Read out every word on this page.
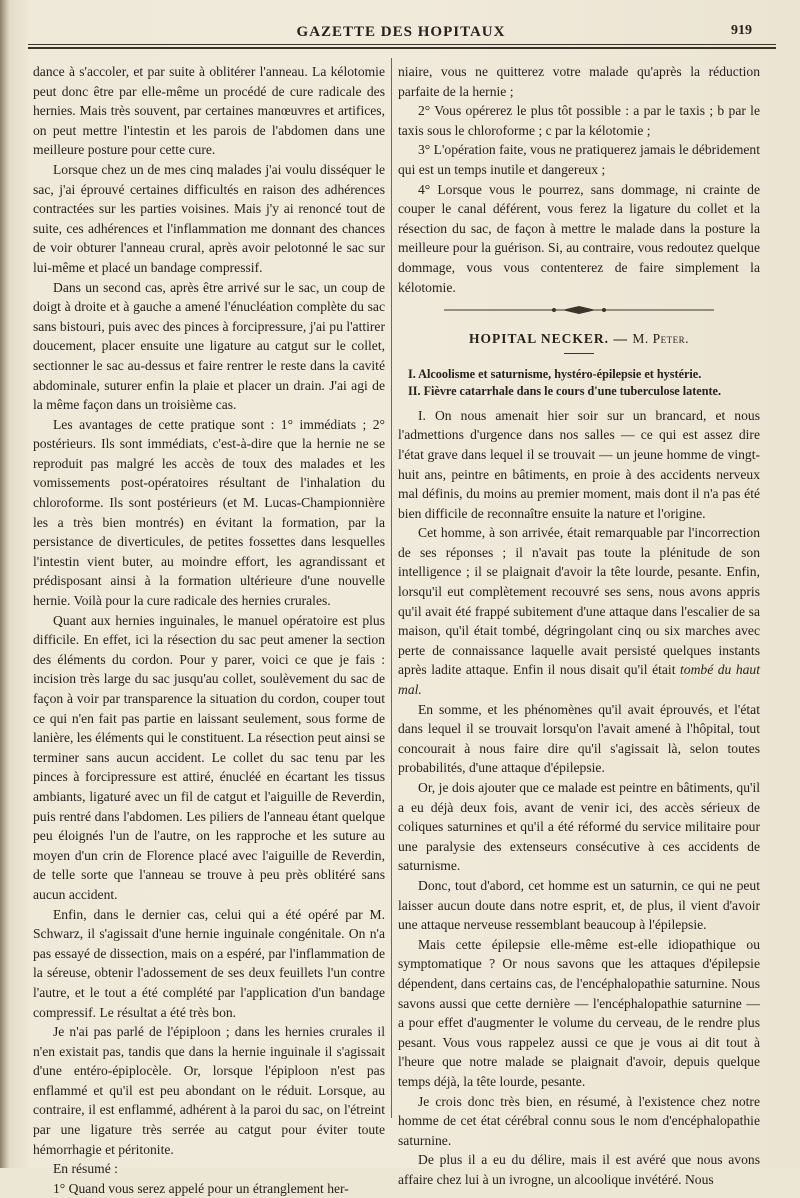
GAZETTE DES HOPITAUX	919

dance à s'accoler, et par suite à oblitérer l'anneau. La kélotomie peut donc être par elle-même un procédé de cure radicale des hernies. Mais très souvent, par certaines manœuvres et artifices, on peut mettre l'intestin et les parois de l'abdomen dans une meilleure posture pour cette cure.

Lorsque chez un de mes cinq malades j'ai voulu disséquer le sac, j'ai éprouvé certaines difficultés en raison des adhérences contractées sur les parties voisines. Mais j'y ai renoncé tout de suite, ces adhérences et l'inflammation me donnant des chances de voir obturer l'anneau crural, après avoir pelotonné le sac sur lui-même et placé un bandage compressif.

Dans un second cas, après être arrivé sur le sac, un coup de doigt à droite et à gauche a amené l'énucléation complète du sac sans bistouri, puis avec des pinces à forcipressure, j'ai pu l'attirer doucement, placer ensuite une ligature au catgut sur le collet, sectionner le sac au-dessus et faire rentrer le reste dans la cavité abdominale, suturer enfin la plaie et placer un drain. J'ai agi de la même façon dans un troisième cas.

Les avantages de cette pratique sont : 1° immédiats ; 2° postérieurs. Ils sont immédiats, c'est-à-dire que la hernie ne se reproduit pas malgré les accès de toux des malades et les vomissements post-opératoires résultant de l'inhalation du chloroforme. Ils sont postérieurs (et M. Lucas-Championnière les a très bien montrés) en évitant la formation, par la persistance de diverticules, de petites fossettes dans lesquelles l'intestin vient buter, au moindre effort, les agrandissant et prédisposant ainsi à la formation ultérieure d'une nouvelle hernie. Voilà pour la cure radicale des hernies crurales.

Quant aux hernies inguinales, le manuel opératoire est plus difficile. En effet, ici la résection du sac peut amener la section des éléments du cordon. Pour y parer, voici ce que je fais : incision très large du sac jusqu'au collet, soulèvement du sac de façon à voir par transparence la situation du cordon, couper tout ce qui n'en fait pas partie en laissant seulement, sous forme de lanière, les éléments qui le constituent. La résection peut ainsi se terminer sans aucun accident. Le collet du sac tenu par les pinces à forcipressure est attiré, énucléé en écartant les tissus ambiants, ligaturé avec un fil de catgut et l'aiguille de Reverdin, puis rentré dans l'abdomen. Les piliers de l'anneau étant quelque peu éloignés l'un de l'autre, on les rapproche et les suture au moyen d'un crin de Florence placé avec l'aiguille de Reverdin, de telle sorte que l'anneau se trouve à peu près oblitéré sans aucun accident.

Enfin, dans le dernier cas, celui qui a été opéré par M. Schwarz, il s'agissait d'une hernie inguinale congénitale. On n'a pas essayé de dissection, mais on a espéré, par l'inflammation de la séreuse, obtenir l'adossement de ses deux feuillets l'un contre l'autre, et le tout a été complété par l'application d'un bandage compressif. Le résultat a été très bon.

Je n'ai pas parlé de l'épiploon ; dans les hernies crurales il n'en existait pas, tandis que dans la hernie inguinale il s'agissait d'une entéro-épiplocèle. Or, lorsque l'épiploon n'est pas enflammé et qu'il est peu abondant on le réduit. Lorsque, au contraire, il est enflammé, adhérent à la paroi du sac, on l'étreint par une ligature très serrée au catgut pour éviter toute hémorrhagie et péritonite.

En résumé :

1° Quand vous serez appelé pour un étranglement her-

niaire, vous ne quitterez votre malade qu'après la réduction parfaite de la hernie ;

2° Vous opérerez le plus tôt possible : a par le taxis ; b par le taxis sous le chloroforme ; c par la kélotomie ;

3° L'opération faite, vous ne pratiquerez jamais le débridement qui est un temps inutile et dangereux ;

4° Lorsque vous le pourrez, sans dommage, ni crainte de couper le canal déférent, vous ferez la ligature du collet et la résection du sac, de façon à mettre le malade dans la posture la meilleure pour la guérison. Si, au contraire, vous redoutez quelque dommage, vous vous contenterez de faire simplement la kélotomie.

HOPITAL NECKER. — M. Peter.
I. Alcoolisme et saturnisme, hystéro-épilepsie et hystérie.
II. Fièvre catarrhale dans le cours d'une tuberculose latente.

I. On nous amenait hier soir sur un brancard, et nous l'admettions d'urgence dans nos salles — ce qui est assez dire l'état grave dans lequel il se trouvait — un jeune homme de vingt-huit ans, peintre en bâtiments, en proie à des accidents nerveux mal définis, du moins au premier moment, mais dont il n'a pas été bien difficile de reconnaître ensuite la nature et l'origine.

Cet homme, à son arrivée, était remarquable par l'incorrection de ses réponses ; il n'avait pas toute la plénitude de son intelligence ; il se plaignait d'avoir la tête lourde, pesante. Enfin, lorsqu'il eut complètement recouvré ses sens, nous avons appris qu'il avait été frappé subitement d'une attaque dans l'escalier de sa maison, qu'il était tombé, dégringolant cinq ou six marches avec perte de connaissance laquelle avait persisté quelques instants après ladite attaque. Enfin il nous disait qu'il était tombé du haut mal.

En somme, et les phénomènes qu'il avait éprouvés, et l'état dans lequel il se trouvait lorsqu'on l'avait amené à l'hôpital, tout concourait à nous faire dire qu'il s'agissait là, selon toutes probabilités, d'une attaque d'épilepsie.

Or, je dois ajouter que ce malade est peintre en bâtiments, qu'il a eu déjà deux fois, avant de venir ici, des accès sérieux de coliques saturnines et qu'il a été réformé du service militaire pour une paralysie des extenseurs consécutive à ces accidents de saturnisme.

Donc, tout d'abord, cet homme est un saturnin, ce qui ne peut laisser aucun doute dans notre esprit, et, de plus, il vient d'avoir une attaque nerveuse ressemblant beaucoup à l'épilepsie.

Mais cette épilepsie elle-même est-elle idiopathique ou symptomatique ? Or nous savons que les attaques d'épilepsie dépendent, dans certains cas, de l'encéphalopathie saturnine. Nous savons aussi que cette dernière — l'encéphalopathie saturnine — a pour effet d'augmenter le volume du cerveau, de le rendre plus pesant. Vous vous rappelez aussi ce que je vous ai dit tout à l'heure que notre malade se plaignait d'avoir, depuis quelque temps déjà, la tête lourde, pesante.

Je crois donc très bien, en résumé, à l'existence chez notre homme de cet état cérébral connu sous le nom d'encéphalopathie saturnine.

De plus il a eu du délire, mais il est avéré que nous avons affaire chez lui à un ivrogne, un alcoolique invétéré. Nous
